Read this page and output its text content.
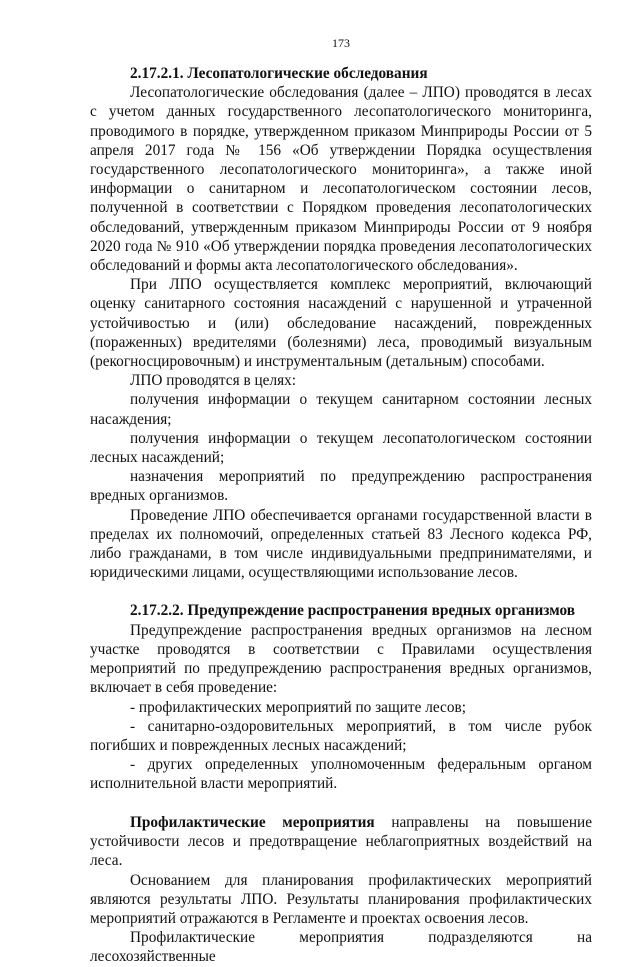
173

2.17.2.1. Лесопатологические обследования

Лесопатологические обследования (далее – ЛПО) проводятся в лесах с учетом данных государственного лесопатологического мониторинга, проводимого в порядке, утвержденном приказом Минприроды России от 5 апреля 2017 года № 156 «Об утверждении Порядка осуществления государственного лесопатологического мониторинга», а также иной информации о санитарном и лесопатологическом состоянии лесов, полученной в соответствии с Порядком проведения лесопатологических обследований, утвержденным приказом Минприроды России от 9 ноября 2020 года № 910 «Об утверждении порядка проведения лесопатологических обследований и формы акта лесопатологического обследования».

При ЛПО осуществляется комплекс мероприятий, включающий оценку санитарного состояния насаждений с нарушенной и утраченной устойчивостью и (или) обследование насаждений, поврежденных (пораженных) вредителями (болезнями) леса, проводимый визуальным (рекогносцировочным) и инструментальным (детальным) способами.

ЛПО проводятся в целях:

получения информации о текущем санитарном состоянии лесных насаждения;

получения информации о текущем лесопатологическом состоянии лесных насаждений;

назначения мероприятий по предупреждению распространения вредных организмов.

Проведение ЛПО обеспечивается органами государственной власти в пределах их полномочий, определенных статьей 83 Лесного кодекса РФ, либо гражданами, в том числе индивидуальными предпринимателями, и юридическими лицами, осуществляющими использование лесов.

2.17.2.2. Предупреждение распространения вредных организмов

Предупреждение распространения вредных организмов на лесном участке проводятся в соответствии с Правилами осуществления мероприятий по предупреждению распространения вредных организмов, включает в себя проведение:

- профилактических мероприятий по защите лесов;

- санитарно-оздоровительных мероприятий, в том числе рубок погибших и поврежденных лесных насаждений;

- других определенных уполномоченным федеральным органом исполнительной власти мероприятий.

Профилактические мероприятия направлены на повышение устойчивости лесов и предотвращение неблагоприятных воздействий на леса.

Основанием для планирования профилактических мероприятий являются результаты ЛПО. Результаты планирования профилактических мероприятий отражаются в Регламенте и проектах освоения лесов.

Профилактические мероприятия подразделяются на лесохозяйственные
